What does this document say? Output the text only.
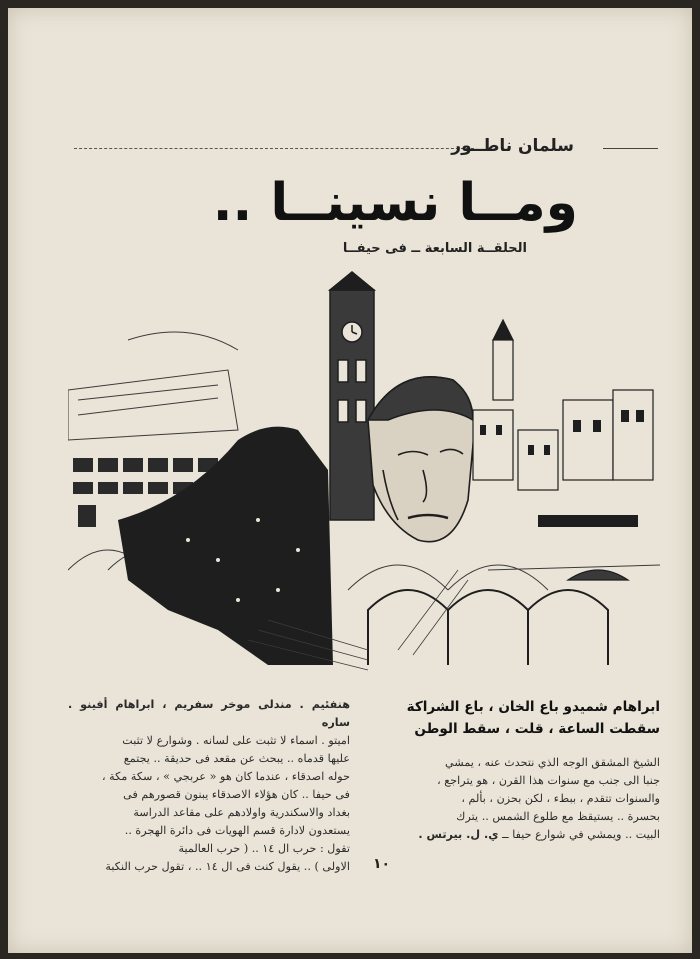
سلمان ناطــور
ومــا نسينــا ..
الحلقــة السابعة ــ فى حيفــا

ابراهام شميدو باع الخان ، باع الشراكة

سقطت الساعة ، قلت ، سقط الوطن

الشيخ المشقق الوجه الذي نتحدث عنه ، يمشي

جنبا الى جنب مع سنوات هذا القرن ، هو يتراجع ،

والسنوات تتقدم ، ببطء ، لكن بحزن ، بألم ،

بحسرة .. يستيقظ مع طلوع الشمس .. يترك

البيت .. ويمشي في شوارع حيفا ــ ي. ل. بيرتس .

هنفئيم . مندلى موخر سفريم ، ابراهام أفينو . ساره

اميتو . اسماء لا تثبت على لسانه . وشوارع لا تثبت

عليها قدماه .. يبحث عن مقعد فى حديقة .. يجتمع

حوله اصدقاء ، عندما كان هو « عربجي » ، سكة مكة ،

فى حيفا .. كان هؤلاء الاصدقاء يبنون قصورهم فى

بغداد والاسكندرية واولادهم على مقاعد الدراسة

يستعدون لادارة قسم الهويات فى دائرة الهجرة ..

تقول : حرب ال ١٤ .. ( حرب العالمية

الاولى ) .. يقول كنت فى ال ١٤ .. ، تقول حرب النكبة ١٠
